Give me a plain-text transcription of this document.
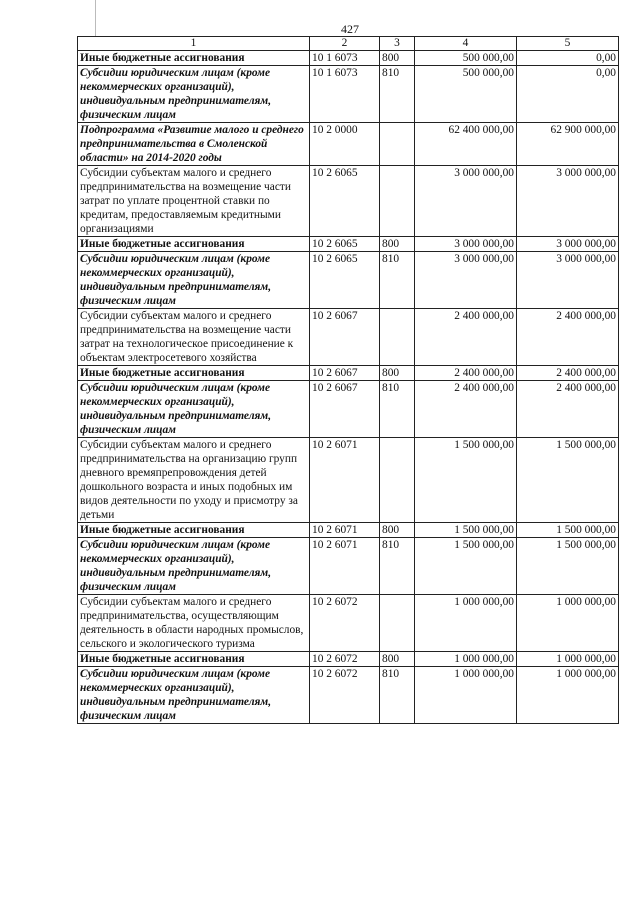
427
1	2	3	4	5
Иные бюджетные ассигнования	10 1 6073	800	500 000,00	0,00
Субсидии юридическим лицам (кроме некоммерческих организаций), индивидуальным предпринимателям, физическим лицам	10 1 6073	810	500 000,00	0,00
Подпрограмма «Развитие малого и среднего предпринимательства в Смоленской области» на 2014-2020 годы	10 2 0000		62 400 000,00	62 900 000,00
Субсидии субъектам малого и среднего предпринимательства на возмещение части затрат по уплате процентной ставки по кредитам, предоставляемым кредитными организациями	10 2 6065		3 000 000,00	3 000 000,00
Иные бюджетные ассигнования	10 2 6065	800	3 000 000,00	3 000 000,00
Субсидии юридическим лицам (кроме некоммерческих организаций), индивидуальным предпринимателям, физическим лицам	10 2 6065	810	3 000 000,00	3 000 000,00
Субсидии субъектам малого и среднего предпринимательства на возмещение части затрат на технологическое присоединение к объектам электросетевого хозяйства	10 2 6067		2 400 000,00	2 400 000,00
Иные бюджетные ассигнования	10 2 6067	800	2 400 000,00	2 400 000,00
Субсидии юридическим лицам (кроме некоммерческих организаций), индивидуальным предпринимателям, физическим лицам	10 2 6067	810	2 400 000,00	2 400 000,00
Субсидии субъектам малого и среднего предпринимательства на организацию групп дневного времяпрепровождения детей дошкольного возраста и иных подобных им видов деятельности по уходу и присмотру за детьми	10 2 6071		1 500 000,00	1 500 000,00
Иные бюджетные ассигнования	10 2 6071	800	1 500 000,00	1 500 000,00
Субсидии юридическим лицам (кроме некоммерческих организаций), индивидуальным предпринимателям, физическим лицам	10 2 6071	810	1 500 000,00	1 500 000,00
Субсидии субъектам малого и среднего предпринимательства, осуществляющим деятельность в области народных промыслов, сельского и экологического туризма	10 2 6072		1 000 000,00	1 000 000,00
Иные бюджетные ассигнования	10 2 6072	800	1 000 000,00	1 000 000,00
Субсидии юридическим лицам (кроме некоммерческих организаций), индивидуальным предпринимателям, физическим лицам	10 2 6072	810	1 000 000,00	1 000 000,00
